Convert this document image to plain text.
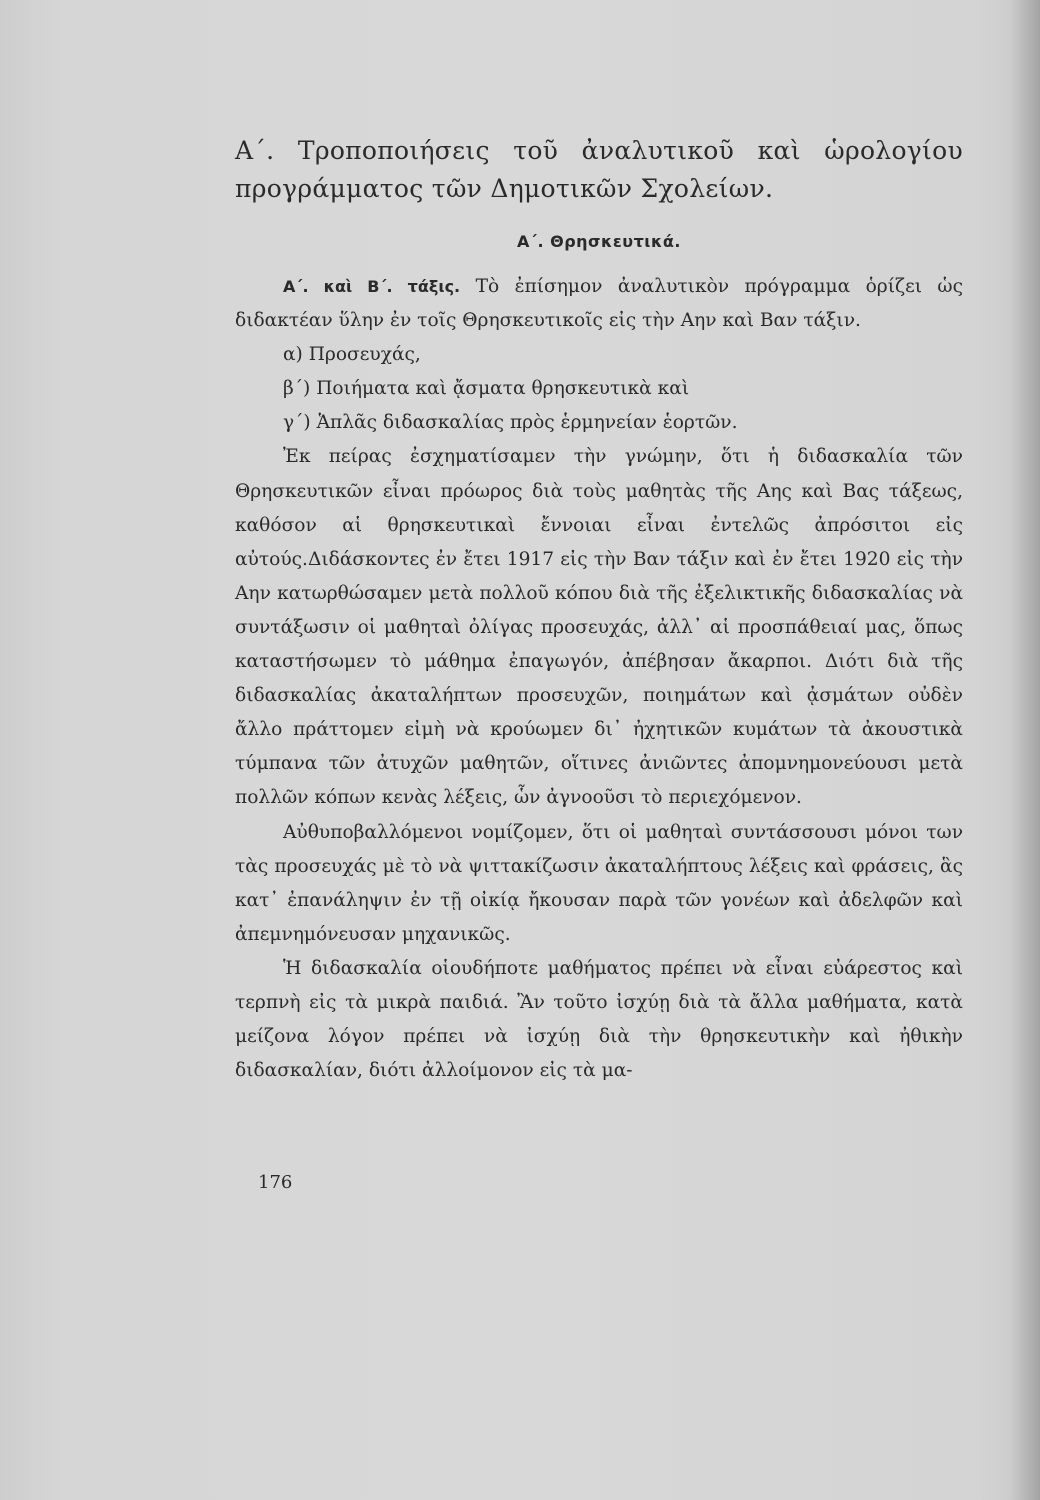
Α΄. Τροποποιήσεις τοῦ ἀναλυτικοῦ καὶ ὡρολογίου προγράμματος τῶν Δημοτικῶν Σχολείων.
Α΄. Θρησκευτικά.

Α΄. καὶ Β΄. τάξις. Τὸ ἐπίσημον ἀναλυτικὸν πρόγραμμα ὁρίζει ὡς διδακτέαν ὕλην ἐν τοῖς Θρησκευτικοῖς εἰς τὴν Αην καὶ Βαν τάξιν.

α) Προσευχάς,

β΄) Ποιήματα καὶ ᾄσματα θρησκευτικὰ καὶ

γ΄) Ἁπλᾶς διδασκαλίας πρὸς ἑρμηνείαν ἑορτῶν.

Ἐκ πείρας ἐσχηματίσαμεν τὴν γνώμην, ὅτι ἡ διδασκαλία τῶν Θρησκευτικῶν εἶναι πρόωρος διὰ τοὺς μαθητὰς τῆς Αης καὶ Βας τάξεως, καθόσον αἱ θρησκευτικαὶ ἔννοιαι εἶναι ἐντελῶς ἀπρόσιτοι εἰς αὐτούς.Διδάσκοντες ἐν ἔτει 1917 εἰς τὴν Βαν τάξιν καὶ ἐν ἔτει 1920 εἰς τὴν Αην κατωρθώσαμεν μετὰ πολλοῦ κόπου διὰ τῆς ἐξελικτικῆς διδασκαλίας νὰ συντάξωσιν οἱ μαθηταὶ ὀλίγας προσευχάς, ἀλλ᾽ αἱ προσπάθειαί μας, ὅπως καταστήσωμεν τὸ μάθημα ἐπαγωγόν, ἀπέβησαν ἄκαρποι. Διότι διὰ τῆς διδασκαλίας ἀκαταλήπτων προσευχῶν, ποιημάτων καὶ ᾀσμάτων οὐδὲν ἄλλο πράττομεν εἰμὴ νὰ κρούωμεν δι᾽ ἠχητικῶν κυμάτων τὰ ἀκουστικὰ τύμπανα τῶν ἀτυχῶν μαθητῶν, οἵτινες ἀνιῶντες ἀπομνημονεύουσι μετὰ πολλῶν κόπων κενὰς λέξεις, ὧν ἀγνοοῦσι τὸ περιεχόμενον.

Αὐθυποβαλλόμενοι νομίζομεν, ὅτι οἱ μαθηταὶ συντάσσουσι μόνοι των τὰς προσευχάς μὲ τὸ νὰ ψιττακίζωσιν ἀκαταλήπτους λέξεις καὶ φράσεις, ἃς κατ᾽ ἐπανάληψιν ἐν τῇ οἰκίᾳ ἤκουσαν παρὰ τῶν γονέων καὶ ἀδελφῶν καὶ ἀπεμνημόνευσαν μηχανικῶς.

Ἡ διδασκαλία οἱουδήποτε μαθήματος πρέπει νὰ εἶναι εὐάρεστος καὶ τερπνὴ εἰς τὰ μικρὰ παιδιά. Ἂν τοῦτο ἰσχύῃ διὰ τὰ ἄλλα μαθήματα, κατὰ μείζονα λόγον πρέπει νὰ ἰσχύῃ διὰ τὴν θρησκευτικὴν καὶ ἠθικὴν διδασκαλίαν, διότι ἀλλοίμονον εἰς τὰ μα-

176
